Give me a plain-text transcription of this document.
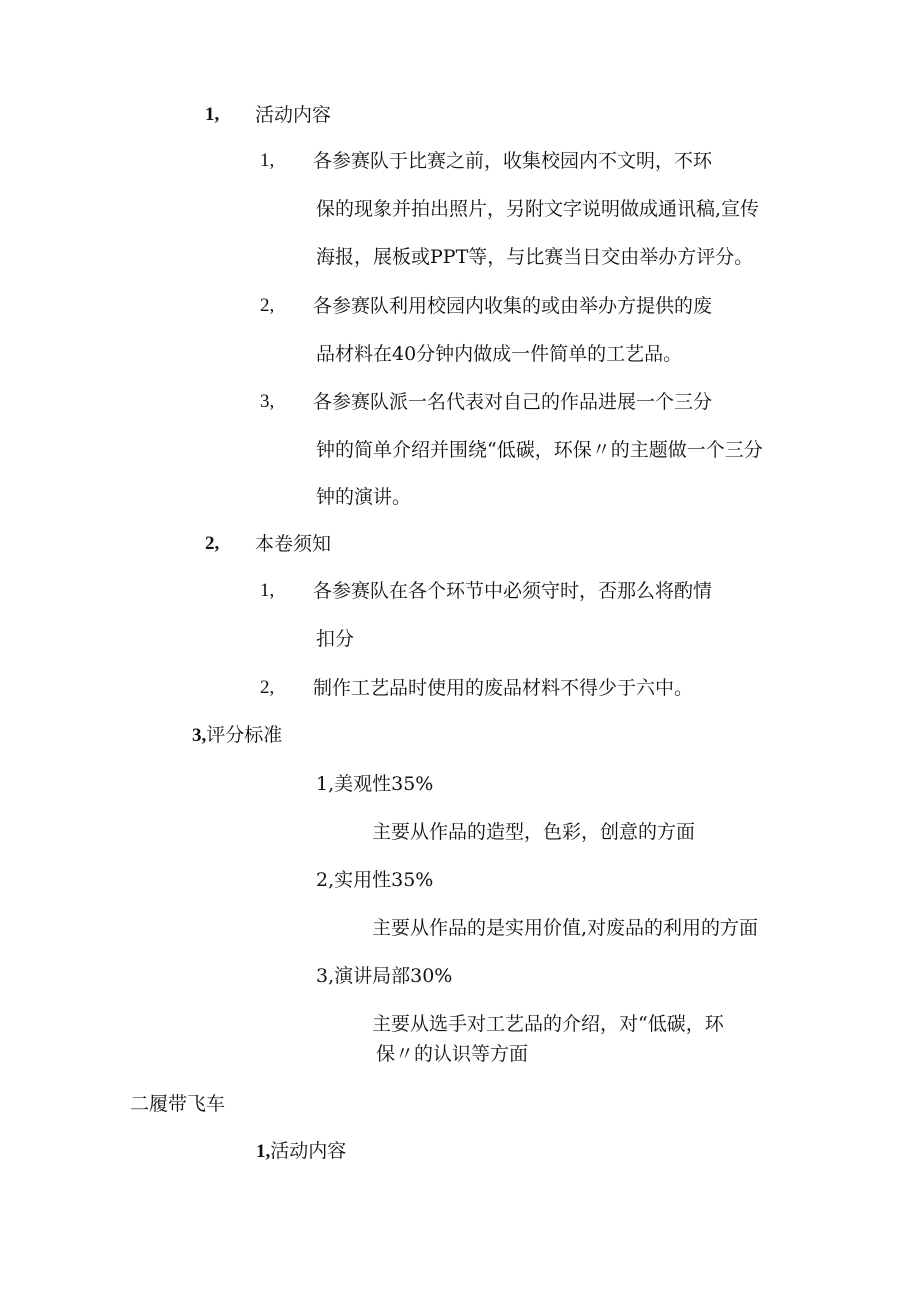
1, 活动内容
1, 各参赛队于比赛之前，收集校园内不文明，不环
保的现象并拍出照片，另附文字说明做成通讯稿,宣传
海报，展板或PPT等，与比赛当日交由举办方评分。
2, 各参赛队利用校园内收集的或由举办方提供的废
品材料在40分钟内做成一件简单的工艺品。
3, 各参赛队派一名代表对自己的作品进展一个三分
钟的简单介绍并围绕“低碳，环保〃的主题做一个三分
钟的演讲。
2, 本卷须知
1, 各参赛队在各个环节中必须守时，否那么将酌情
扣分
2, 制作工艺品时使用的废品材料不得少于六中。
3,评分标准
1,美观性35%
主要从作品的造型，色彩，创意的方面
2,实用性35%
主要从作品的是实用价值,对废品的利用的方面
3,演讲局部30%
主要从选手对工艺品的介绍，对“低碳，环
保〃的认识等方面
二履带飞车
1,活动内容
